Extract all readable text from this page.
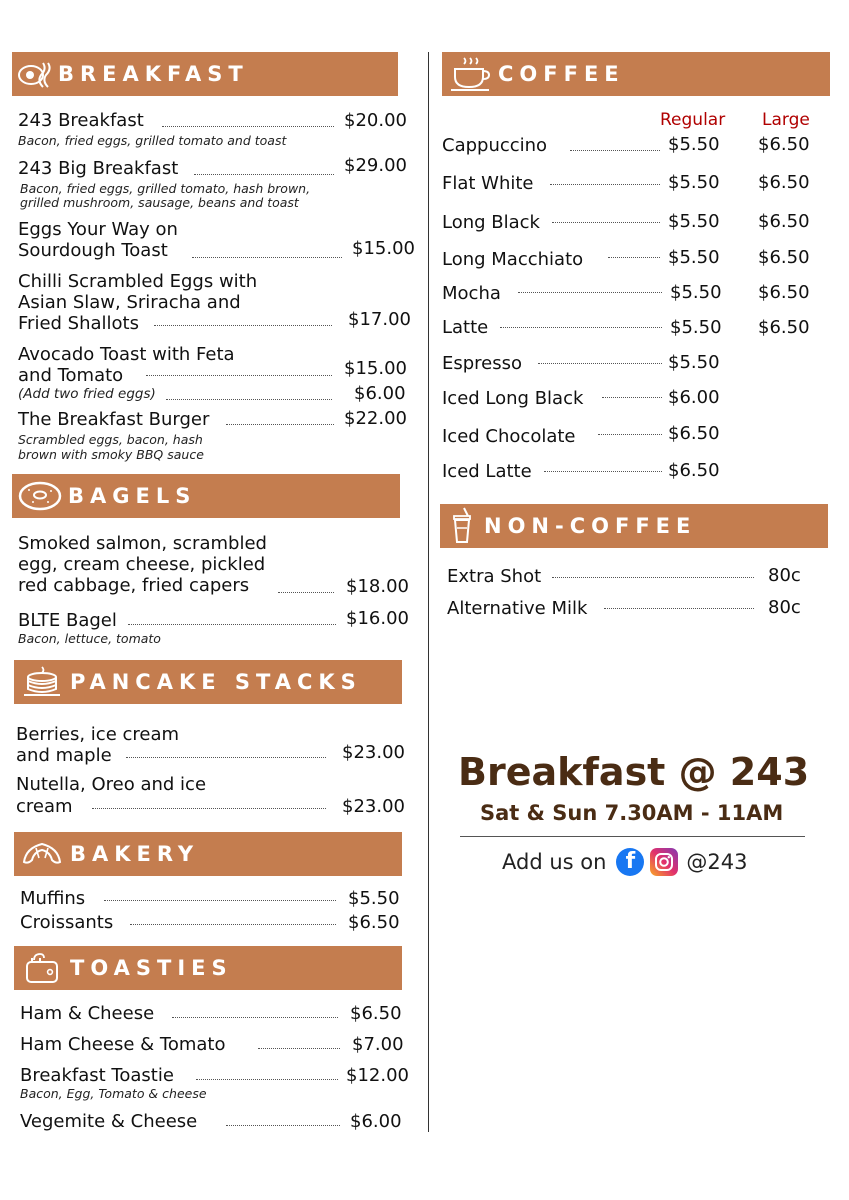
BREAKFAST
243 Breakfast	$20.00
Bacon, fried eggs, grilled tomato and toast
243 Big Breakfast	$29.00
Bacon, fried eggs, grilled tomato, hash brown,
grilled mushroom, sausage, beans and toast
Eggs Your Way on
Sourdough Toast	$15.00
Chilli Scrambled Eggs with
Asian Slaw, Sriracha and
Fried Shallots	$17.00
Avocado Toast with Feta
and Tomato	$15.00
(Add two fried eggs)	$6.00
The Breakfast Burger	$22.00
Scrambled eggs, bacon, hash
brown with smoky BBQ sauce
BAGELS
Smoked salmon, scrambled
egg, cream cheese, pickled
red cabbage, fried capers	$18.00
BLTE Bagel	$16.00
Bacon, lettuce, tomato
PANCAKE STACKS
Berries, ice cream
and maple	$23.00
Nutella, Oreo and ice
cream	$23.00
BAKERY
Muffins	$5.50
Croissants	$6.50
TOASTIES
Ham & Cheese	$6.50
Ham Cheese & Tomato	$7.00
Breakfast Toastie	$12.00
Bacon, Egg, Tomato & cheese
Vegemite & Cheese	$6.00
COFFEE
Regular Large
Cappuccino	$5.50 $6.50
Flat White	$5.50 $6.50
Long Black	$5.50 $6.50
Long Macchiato	$5.50 $6.50
Mocha	$5.50 $6.50
Latte	$5.50 $6.50
Espresso	$5.50
Iced Long Black	$6.00
Iced Chocolate	$6.50
Iced Latte	$6.50
NON-COFFEE
Extra Shot	80c
Alternative Milk	80c
Breakfast @ 243
Sat & Sun 7.30AM - 11AM
Add us on f	@243
